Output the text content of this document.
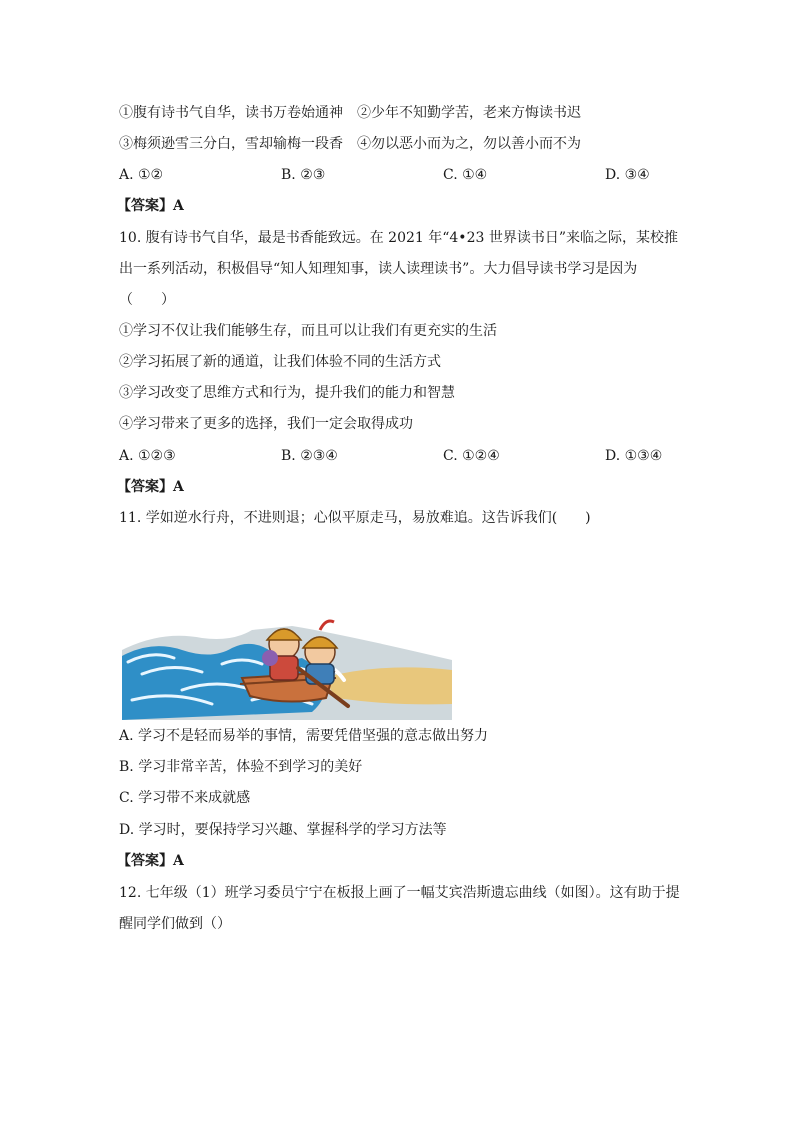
①腹有诗书气自华，读书万卷始通神　②少年不知勤学苦，老来方悔读书迟
③梅须逊雪三分白，雪却输梅一段香　④勿以恶小而为之，勿以善小而不为
A. ①②	B. ②③	C. ①④	D. ③④
【答案】A
10. 腹有诗书气自华，最是书香能致远。在 2021 年“4•23 世界读书日”来临之际，某校推
出一系列活动，积极倡导“知人知理知事，读人读理读书”。大力倡导读书学习是因为
（　　）
①学习不仅让我们能够生存，而且可以让我们有更充实的生活
②学习拓展了新的通道，让我们体验不同的生活方式
③学习改变了思维方式和行为，提升我们的能力和智慧
④学习带来了更多的选择，我们一定会取得成功
A. ①②③	B. ②③④	C. ①②④	D. ①③④
【答案】A
11. 学如逆水行舟，不进则退；心似平原走马，易放难追。这告诉我们(　　)
A. 学习不是轻而易举的事情，需要凭借坚强的意志做出努力
B. 学习非常辛苦，体验不到学习的美好
C. 学习带不来成就感
D. 学习时，要保持学习兴趣、掌握科学的学习方法等
【答案】A
12. 七年级（1）班学习委员宁宁在板报上画了一幅艾宾浩斯遗忘曲线（如图）。这有助于提
醒同学们做到（）
